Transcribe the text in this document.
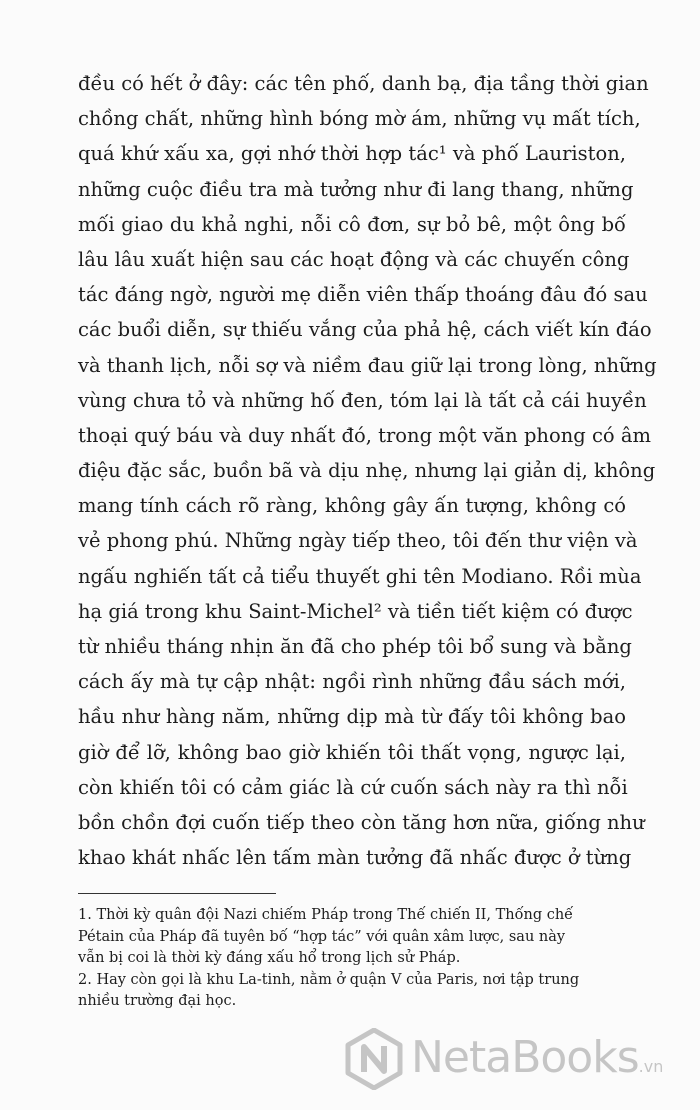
đều có hết ở đây: các tên phố, danh bạ, địa tầng thời gian
chồng chất, những hình bóng mờ ám, những vụ mất tích,
quá khứ xấu xa, gợi nhớ thời hợp tác¹ và phố Lauriston,
những cuộc điều tra mà tưởng như đi lang thang, những
mối giao du khả nghi, nỗi cô đơn, sự bỏ bê, một ông bố
lâu lâu xuất hiện sau các hoạt động và các chuyến công
tác đáng ngờ, người mẹ diễn viên thấp thoáng đâu đó sau
các buổi diễn, sự thiếu vắng của phả hệ, cách viết kín đáo
và thanh lịch, nỗi sợ và niềm đau giữ lại trong lòng, những
vùng chưa tỏ và những hố đen, tóm lại là tất cả cái huyền
thoại quý báu và duy nhất đó, trong một văn phong có âm
điệu đặc sắc, buồn bã và dịu nhẹ, nhưng lại giản dị, không
mang tính cách rõ ràng, không gây ấn tượng, không có
vẻ phong phú. Những ngày tiếp theo, tôi đến thư viện và
ngấu nghiến tất cả tiểu thuyết ghi tên Modiano. Rồi mùa
hạ giá trong khu Saint-Michel² và tiền tiết kiệm có được
từ nhiều tháng nhịn ăn đã cho phép tôi bổ sung và bằng
cách ấy mà tự cập nhật: ngồi rình những đầu sách mới,
hầu như hàng năm, những dịp mà từ đấy tôi không bao
giờ để lỡ, không bao giờ khiến tôi thất vọng, ngược lại,
còn khiến tôi có cảm giác là cứ cuốn sách này ra thì nỗi
bồn chồn đợi cuốn tiếp theo còn tăng hơn nữa, giống như
khao khát nhấc lên tấm màn tưởng đã nhấc được ở từng
1. Thời kỳ quân đội Nazi chiếm Pháp trong Thế chiến II, Thống chế
Pétain của Pháp đã tuyên bố “hợp tác” với quân xâm lược, sau này
vẫn bị coi là thời kỳ đáng xấu hổ trong lịch sử Pháp.
2. Hay còn gọi là khu La-tinh, nằm ở quận V của Paris, nơi tập trung
nhiều trường đại học.
NetaBooks.vn
